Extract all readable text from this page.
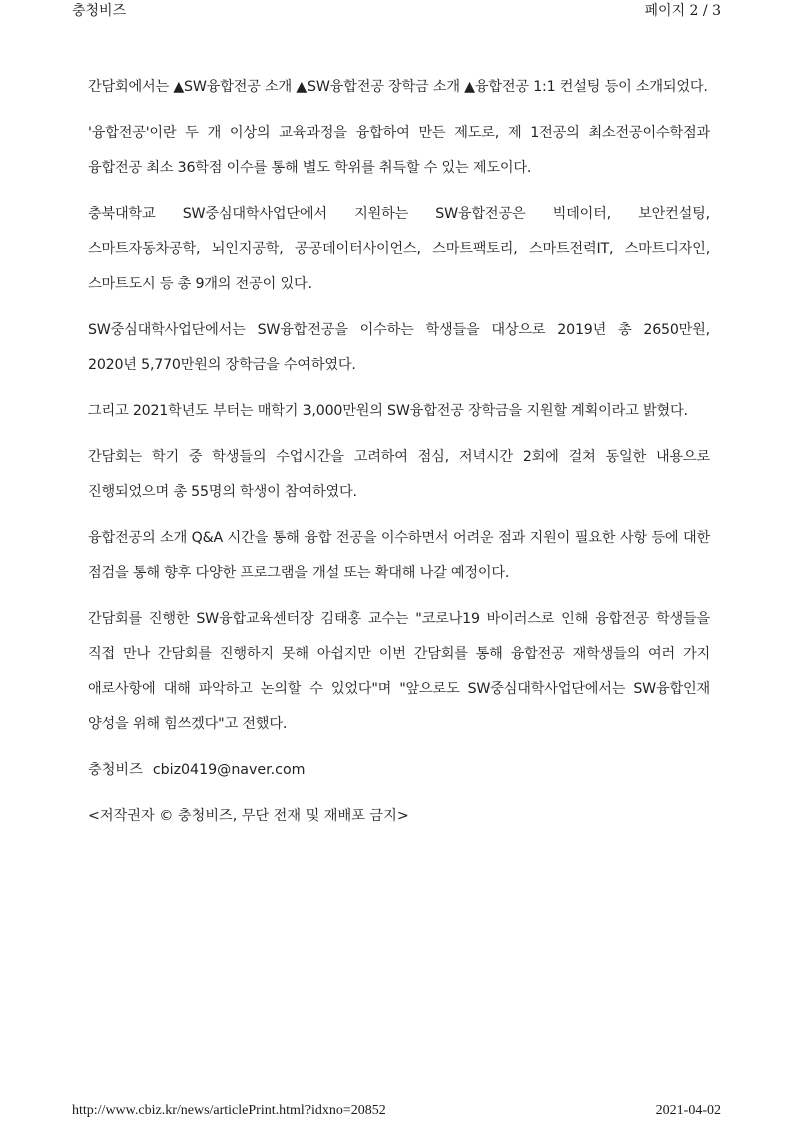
충청비즈	페이지 2 / 3

간담회에서는 ▲SW융합전공 소개 ▲SW융합전공 장학금 소개 ▲융합전공 1:1 컨설팅 등이 소개되었다.

'융합전공'이란 두 개 이상의 교육과정을 융합하여 만든 제도로, 제 1전공의 최소전공이수학점과 융합전공 최소 36학점 이수를 통해 별도 학위를 취득할 수 있는 제도이다.

충북대학교 SW중심대학사업단에서 지원하는 SW융합전공은 빅데이터, 보안컨설팅, 스마트자동차공학, 뇌인지공학, 공공데이터사이언스, 스마트팩토리, 스마트전력IT, 스마트디자인, 스마트도시 등 총 9개의 전공이 있다.

SW중심대학사업단에서는 SW융합전공을 이수하는 학생들을 대상으로 2019년 총 2650만원, 2020년 5,770만원의 장학금을 수여하였다.

그리고 2021학년도 부터는 매학기 3,000만원의 SW융합전공 장학금을 지원할 계획이라고 밝혔다.

간담회는 학기 중 학생들의 수업시간을 고려하여 점심, 저녁시간 2회에 걸쳐 동일한 내용으로 진행되었으며 총 55명의 학생이 참여하였다.

융합전공의 소개 Q&A 시간을 통해 융합 전공을 이수하면서 어려운 점과 지원이 필요한 사항 등에 대한 점검을 통해 향후 다양한 프로그램을 개설 또는 확대해 나갈 예정이다.

간담회를 진행한 SW융합교육센터장 김태홍 교수는 "코로나19 바이러스로 인해 융합전공 학생들을 직접 만나 간담회를 진행하지 못해 아쉽지만 이번 간담회를 통해 융합전공 재학생들의 여러 가지 애로사항에 대해 파악하고 논의할 수 있었다"며 "앞으로도 SW중심대학사업단에서는 SW융합인재 양성을 위해 힘쓰겠다"고 전했다.

충청비즈 cbiz0419@naver.com
<저작권자 © 충청비즈, 무단 전재 및 재배포 금지>
http://www.cbiz.kr/news/articlePrint.html?idxno=20852	2021-04-02
